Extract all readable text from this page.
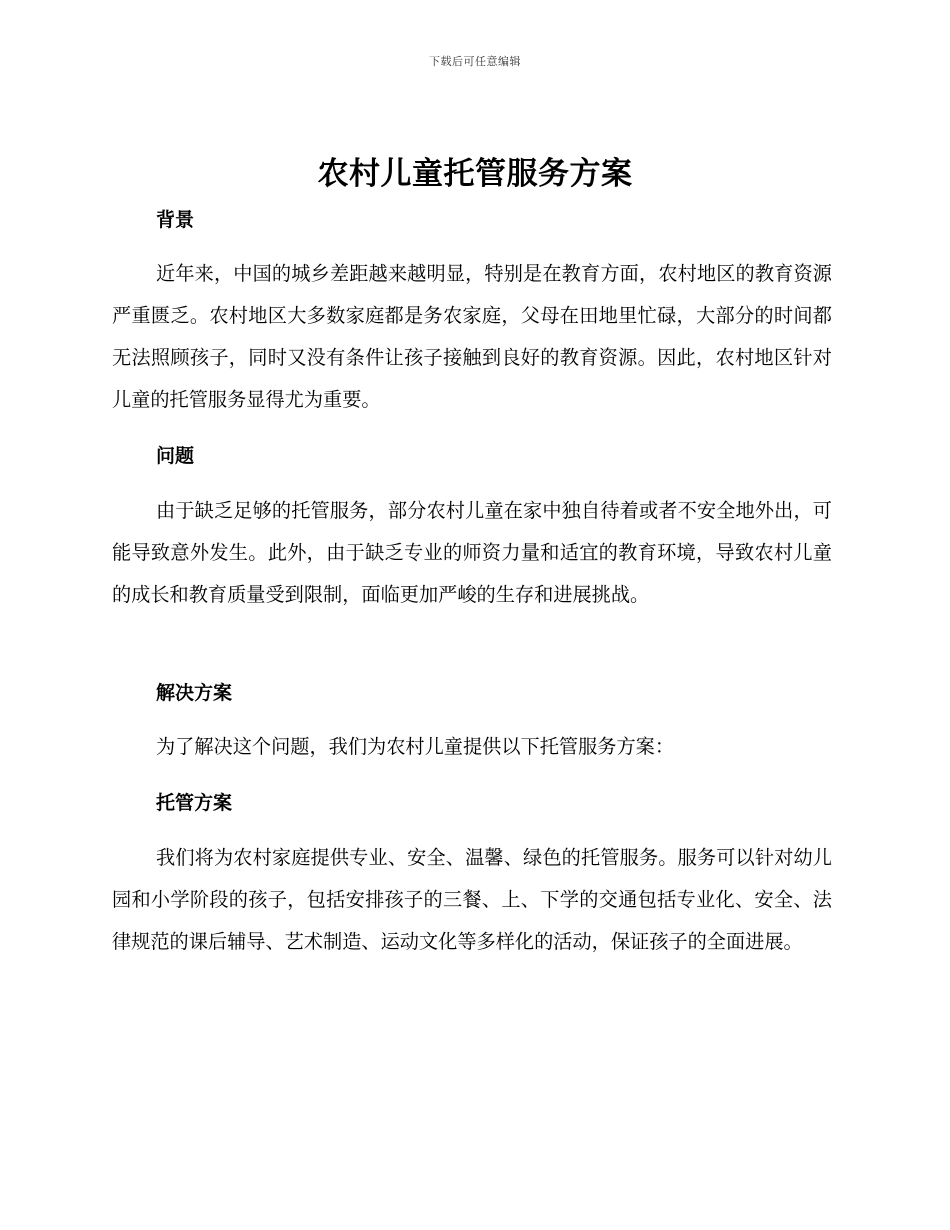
下载后可任意编辑
农村儿童托管服务方案
背景

近年来，中国的城乡差距越来越明显，特别是在教育方面，农村地区的教育资源严重匮乏。农村地区大多数家庭都是务农家庭，父母在田地里忙碌，大部分的时间都无法照顾孩子，同时又没有条件让孩子接触到良好的教育资源。因此，农村地区针对儿童的托管服务显得尤为重要。

问题

由于缺乏足够的托管服务，部分农村儿童在家中独自待着或者不安全地外出，可能导致意外发生。此外，由于缺乏专业的师资力量和适宜的教育环境，导致农村儿童的成长和教育质量受到限制，面临更加严峻的生存和进展挑战。

解决方案

为了解决这个问题，我们为农村儿童提供以下托管服务方案：

托管方案

我们将为农村家庭提供专业、安全、温馨、绿色的托管服务。服务可以针对幼儿园和小学阶段的孩子，包括安排孩子的三餐、上、下学的交通包括专业化、安全、法律规范的课后辅导、艺术制造、运动文化等多样化的活动，保证孩子的全面进展。
